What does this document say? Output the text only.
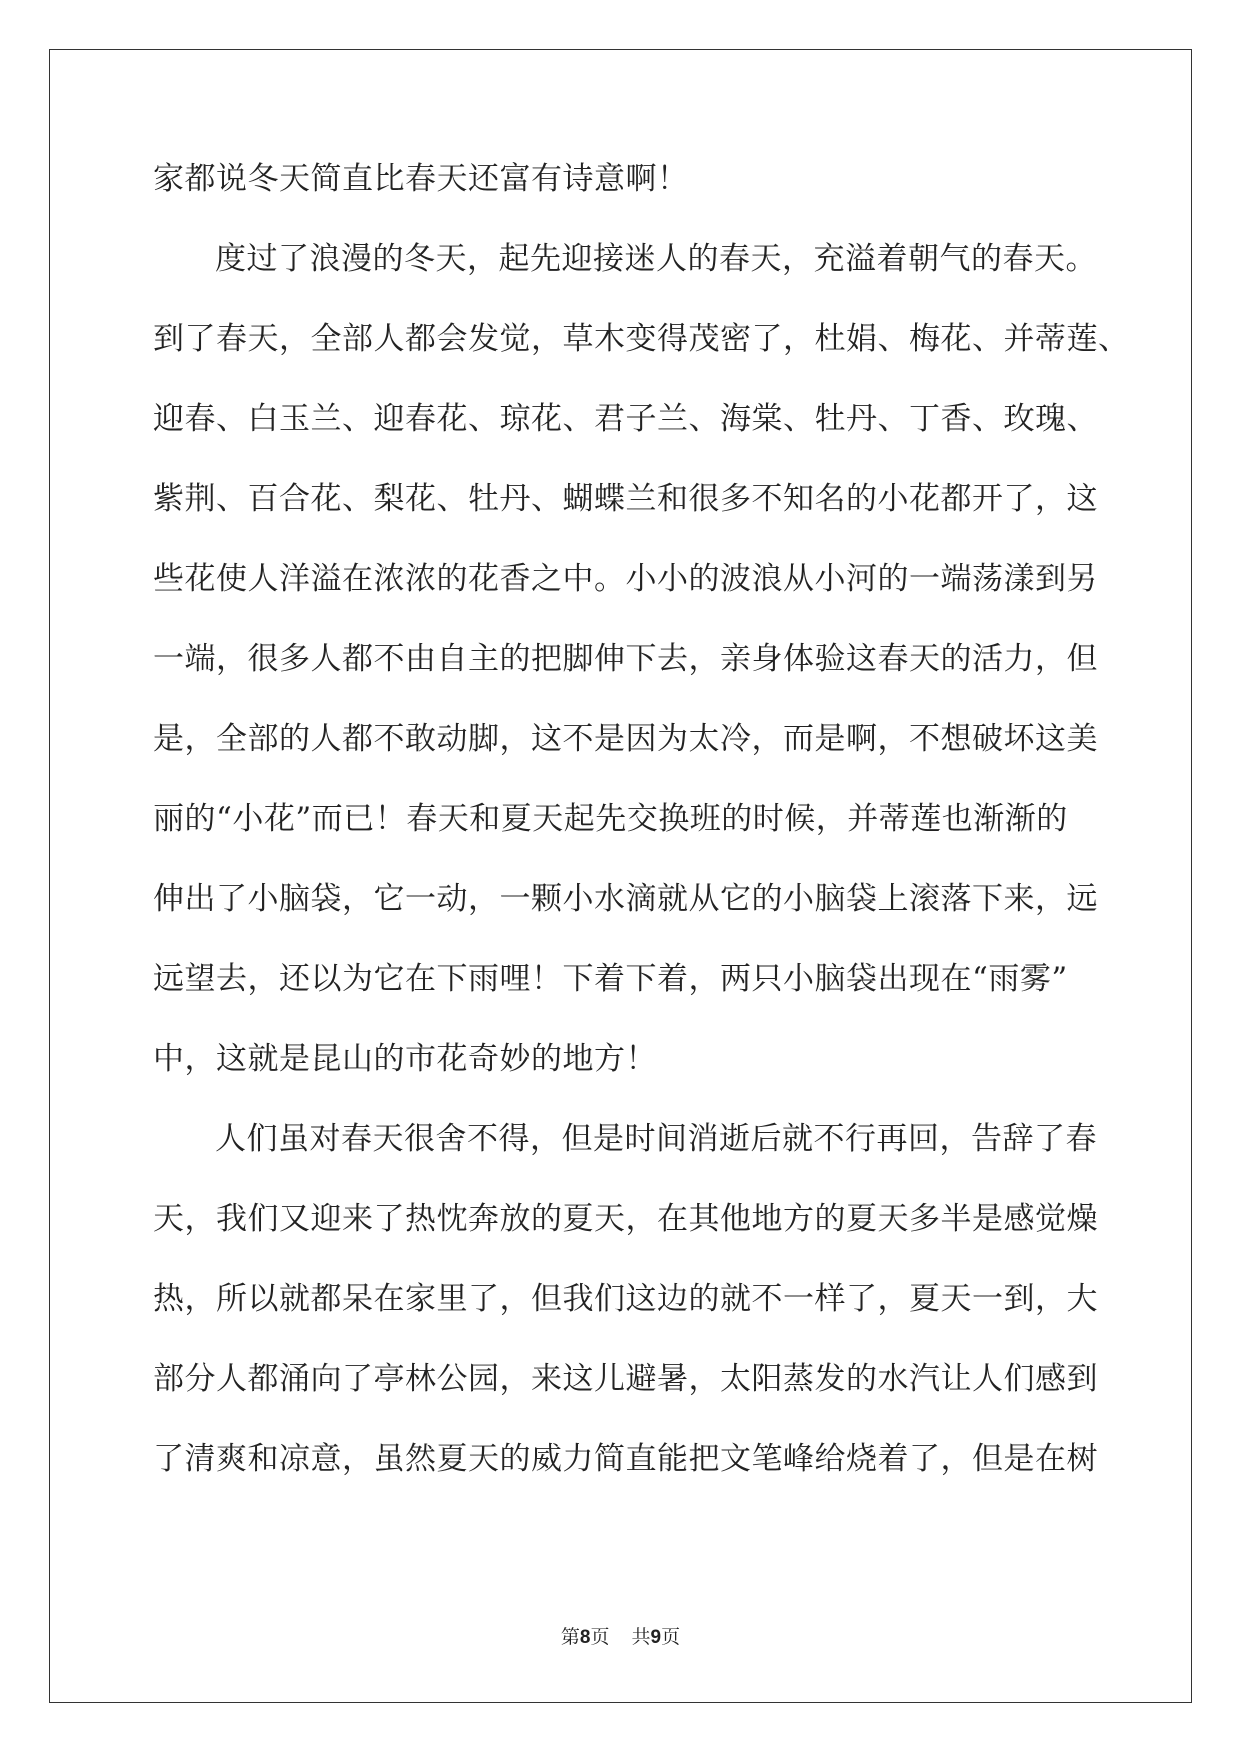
家都说冬天简直比春天还富有诗意啊！
度过了浪漫的冬天，起先迎接迷人的春天，充溢着朝气的春天。
到了春天，全部人都会发觉，草木变得茂密了，杜娟、梅花、并蒂莲、
迎春、白玉兰、迎春花、琼花、君子兰、海棠、牡丹、丁香、玫瑰、
紫荆、百合花、梨花、牡丹、蝴蝶兰和很多不知名的小花都开了，这
些花使人洋溢在浓浓的花香之中。小小的波浪从小河的一端荡漾到另
一端，很多人都不由自主的把脚伸下去，亲身体验这春天的活力，但
是，全部的人都不敢动脚，这不是因为太冷，而是啊，不想破坏这美
丽的“小花”而已！春天和夏天起先交换班的时候，并蒂莲也渐渐的
伸出了小脑袋，它一动，一颗小水滴就从它的小脑袋上滚落下来，远
远望去，还以为它在下雨哩！下着下着，两只小脑袋出现在“雨雾”
中，这就是昆山的市花奇妙的地方！
人们虽对春天很舍不得，但是时间消逝后就不行再回，告辞了春
天，我们又迎来了热忱奔放的夏天，在其他地方的夏天多半是感觉燥
热，所以就都呆在家里了，但我们这边的就不一样了，夏天一到，大
部分人都涌向了亭林公园，来这儿避暑，太阳蒸发的水汽让人们感到
了清爽和凉意，虽然夏天的威力简直能把文笔峰给烧着了，但是在树
第8页 共9页
